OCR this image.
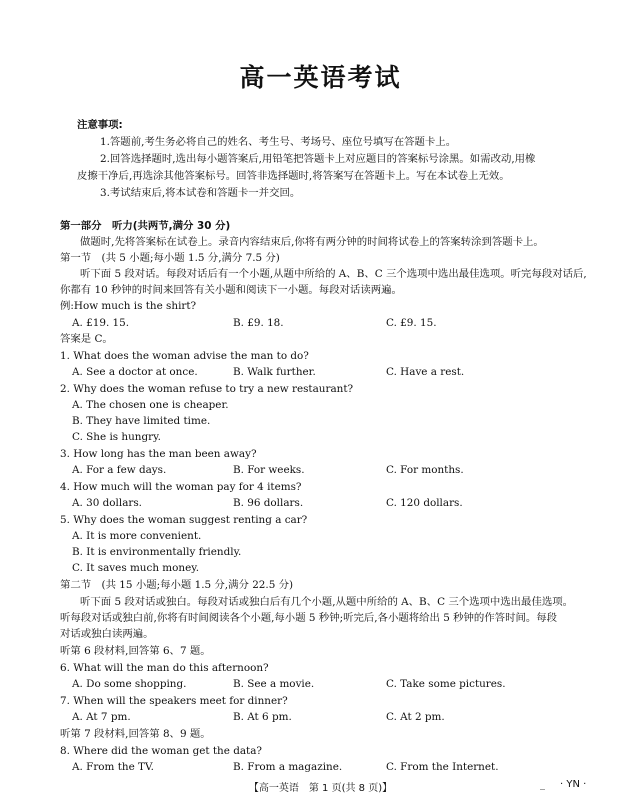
高一英语考试
注意事项:
1.答题前,考生务必将自己的姓名、考生号、考场号、座位号填写在答题卡上。
2.回答选择题时,选出每小题答案后,用铅笔把答题卡上对应题目的答案标号涂黑。如需改动,用橡
皮擦干净后,再选涂其他答案标号。回答非选择题时,将答案写在答题卡上。写在本试卷上无效。
3.考试结束后,将本试卷和答题卡一并交回。
第一部分　听力(共两节,满分 30 分)
做题时,先将答案标在试卷上。录音内容结束后,你将有两分钟的时间将试卷上的答案转涂到答题卡上。
第一节　(共 5 小题;每小题 1.5 分,满分 7.5 分)
听下面 5 段对话。每段对话后有一个小题,从题中所给的 A、B、C 三个选项中选出最佳选项。听完每段对话后,
你都有 10 秒钟的时间来回答有关小题和阅读下一小题。每段对话读两遍。
例:How much is the shirt?
A. £19. 15.	B. £9. 18.	C. £9. 15.
答案是 C。
1. What does the woman advise the man to do?
A. See a doctor at once.	B. Walk further.	C. Have a rest.
2. Why does the woman refuse to try a new restaurant?
A. The chosen one is cheaper.
B. They have limited time.
C. She is hungry.
3. How long has the man been away?
A. For a few days.	B. For weeks.	C. For months.
4. How much will the woman pay for 4 items?
A. 30 dollars.	B. 96 dollars.	C. 120 dollars.
5. Why does the woman suggest renting a car?
A. It is more convenient.
B. It is environmentally friendly.
C. It saves much money.
第二节　(共 15 小题;每小题 1.5 分,满分 22.5 分)
听下面 5 段对话或独白。每段对话或独白后有几个小题,从题中所给的 A、B、C 三个选项中选出最佳选项。
听每段对话或独白前,你将有时间阅读各个小题,每小题 5 秒钟;听完后,各小题将给出 5 秒钟的作答时间。每段
对话或独白读两遍。
听第 6 段材料,回答第 6、7 题。
6. What will the man do this afternoon?
A. Do some shopping.	B. See a movie.	C. Take some pictures.
7. When will the speakers meet for dinner?
A. At 7 pm.	B. At 6 pm.	C. At 2 pm.
听第 7 段材料,回答第 8、9 题。
8. Where did the woman get the data?
A. From the TV.	B. From a magazine.	C. From the Internet.
【高一英语　第 1 页(共 8 页)】	_ · YN ·
